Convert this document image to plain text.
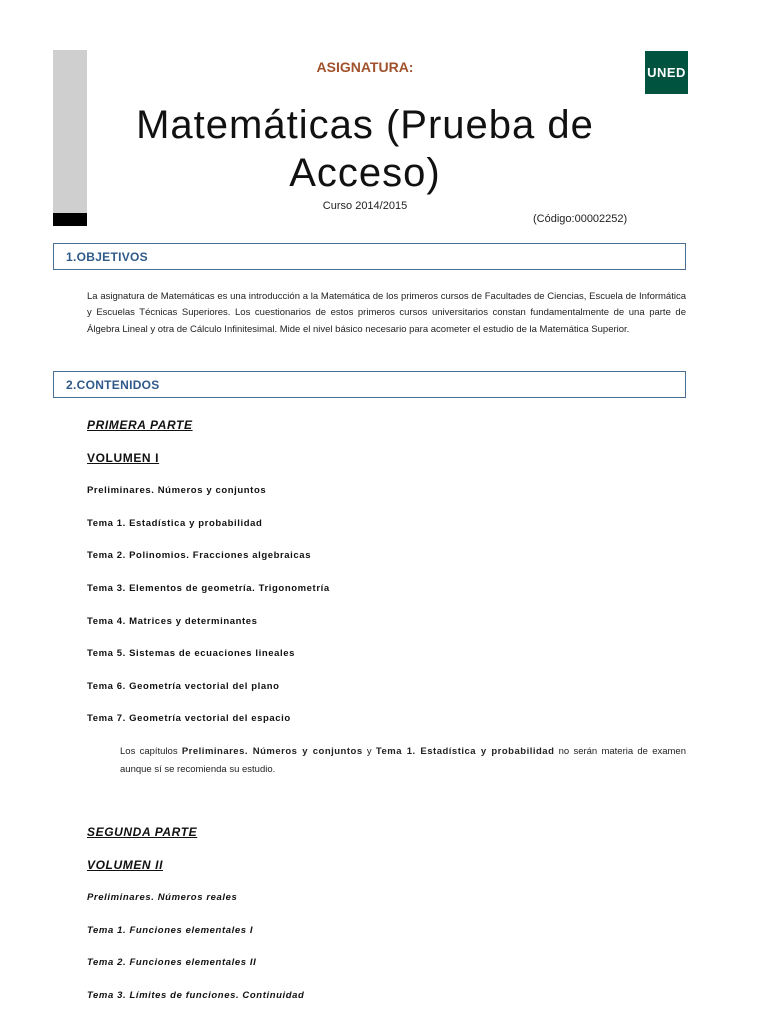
ASIGNATURA:	UNED
Matemáticas (Prueba de
Acceso)
Curso 2014/2015
(Código:00002252)
1.OBJETIVOS
La asignatura de Matemáticas es una introducción a la Matemática de los primeros cursos de Facultades de Ciencias, Escuela de Informática y Escuelas Técnicas Superiores. Los cuestionarios de estos primeros cursos universitarios constan fundamentalmente de una parte de Álgebra Lineal y otra de Cálculo Infinitesimal. Mide el nivel básico necesario para acometer el estudio de la Matemática Superior.
2.CONTENIDOS
PRIMERA PARTE
VOLUMEN I
Preliminares. Números y conjuntos
Tema 1. Estadística y probabilidad
Tema 2. Polinomios. Fracciones algebraicas
Tema 3. Elementos de geometría. Trigonometría
Tema 4. Matrices y determinantes
Tema 5. Sistemas de ecuaciones lineales
Tema 6. Geometría vectorial del plano
Tema 7. Geometría vectorial del espacio
Los capítulos Preliminares. Números y conjuntos y Tema 1. Estadística y probabilidad no serán materia de examen aunque sí se recomienda su estudio.
SEGUNDA PARTE
VOLUMEN II
Preliminares. Números reales
Tema 1. Funciones elementales I
Tema 2. Funciones elementales II
Tema 3. Límites de funciones. Continuidad
